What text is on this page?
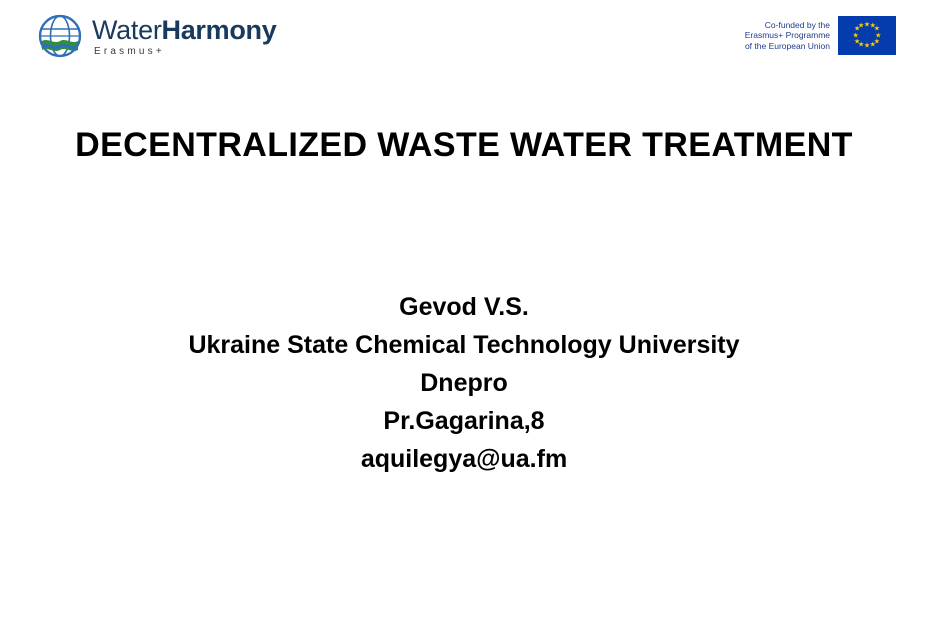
WaterHarmony
Erasmus+
Co-funded by the
Erasmus+ Programme
of the European Union
★ ★
★
★
★
★
★
★
★
★
★
★
DECENTRALIZED WASTE WATER TREATMENT
Gevod V.S.
Ukraine State Chemical Technology University
Dnepro
Pr.Gagarina,8
aquilegya@ua.fm
